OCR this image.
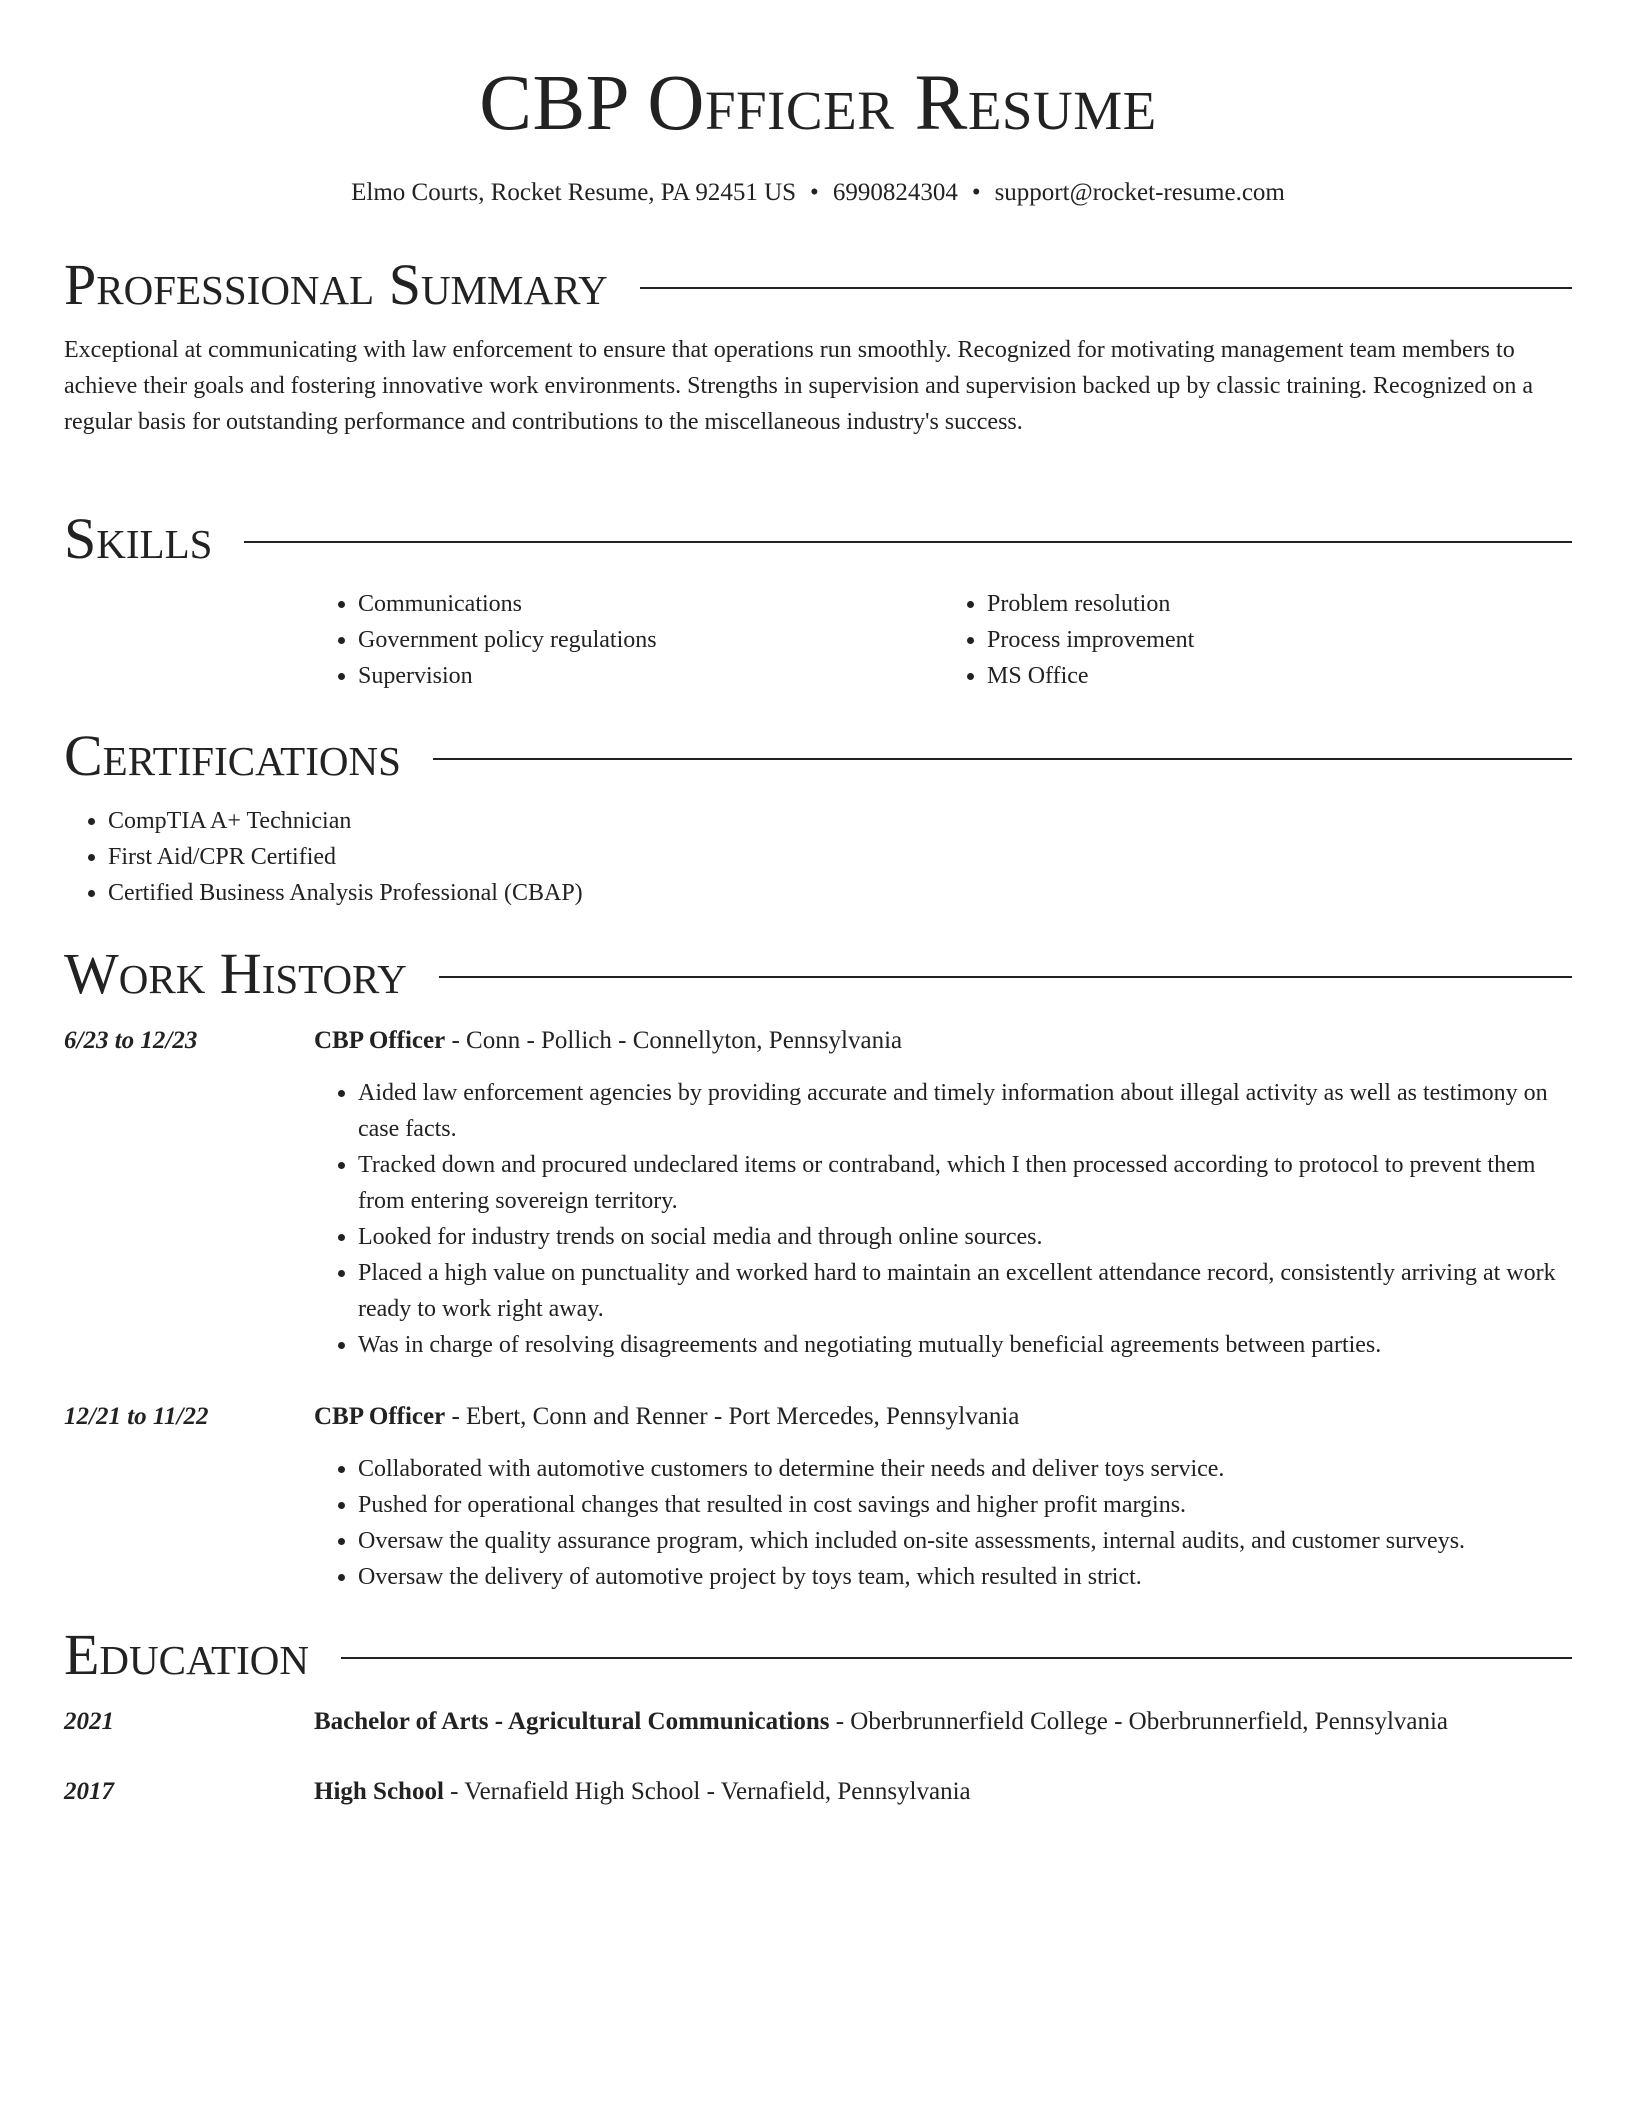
CBP Officer Resume
Elmo Courts, Rocket Resume, PA 92451 US • 6990824304 • support@rocket-resume.com
Professional Summary

Exceptional at communicating with law enforcement to ensure that operations run smoothly. Recognized for motivating management team members to achieve their goals and fostering innovative work environments. Strengths in supervision and supervision backed up by classic training. Recognized on a regular basis for outstanding performance and contributions to the miscellaneous industry's success.

Skills
• Communications
• Government policy regulations
• Supervision
• Problem resolution
• Process improvement
• MS Office
Certifications
• CompTIA A+ Technician
• First Aid/CPR Certified
• Certified Business Analysis Professional (CBAP)
Work History
6/23 to 12/23	CBP Officer - Conn - Pollich - Connellyton, Pennsylvania
• Aided law enforcement agencies by providing accurate and timely information about illegal activity as well as testimony on case facts.
• Tracked down and procured undeclared items or contraband, which I then processed according to protocol to prevent them from entering sovereign territory.
• Looked for industry trends on social media and through online sources.
• Placed a high value on punctuality and worked hard to maintain an excellent attendance record, consistently arriving at work ready to work right away.
• Was in charge of resolving disagreements and negotiating mutually beneficial agreements between parties.
12/21 to 11/22	CBP Officer - Ebert, Conn and Renner - Port Mercedes, Pennsylvania
• Collaborated with automotive customers to determine their needs and deliver toys service.
• Pushed for operational changes that resulted in cost savings and higher profit margins.
• Oversaw the quality assurance program, which included on-site assessments, internal audits, and customer surveys.
• Oversaw the delivery of automotive project by toys team, which resulted in strict.
Education
2021	Bachelor of Arts - Agricultural Communications - Oberbrunnerfield College - Oberbrunnerfield, Pennsylvania
2017	High School - Vernafield High School - Vernafield, Pennsylvania
